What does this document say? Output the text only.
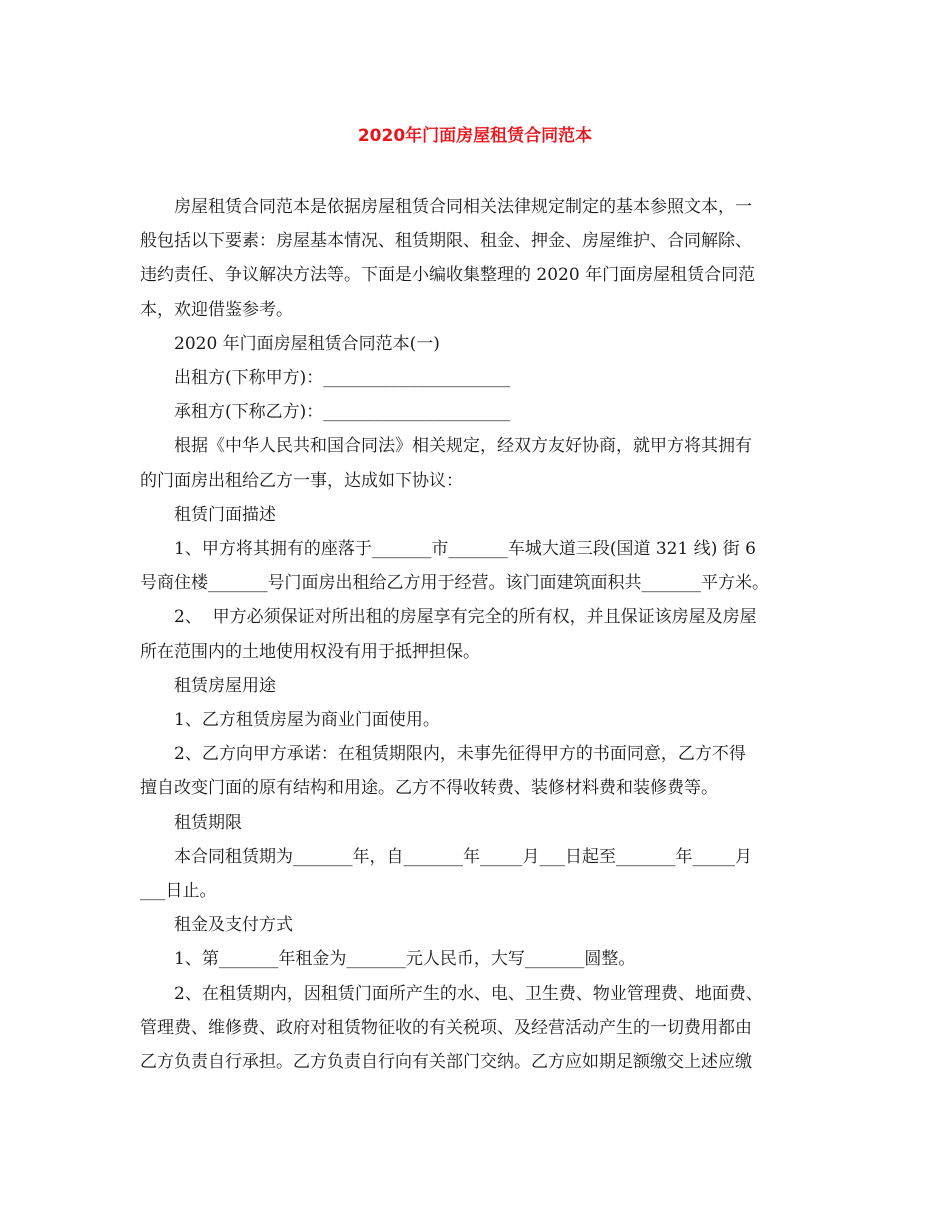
2020年门面房屋租赁合同范本

房屋租赁合同范本是依据房屋租赁合同相关法律规定制定的基本参照文本，一

般包括以下要素：房屋基本情况、租赁期限、租金、押金、房屋维护、合同解除、

违约责任、争议解决方法等。下面是小编收集整理的 2020 年门面房屋租赁合同范

本，欢迎借鉴参考。

2020 年门面房屋租赁合同范本(一)

出租方(下称甲方)：______________________

承租方(下称乙方)：______________________

根据《中华人民共和国合同法》相关规定，经双方友好协商，就甲方将其拥有

的门面房出租给乙方一事，达成如下协议：

租赁门面描述

1、甲方将其拥有的座落于_______市_______车城大道三段(国道 321 线) 街 6

号商住楼_______号门面房出租给乙方用于经营。该门面建筑面积共_______平方米。

2、  甲方必须保证对所出租的房屋享有完全的所有权，并且保证该房屋及房屋

所在范围内的土地使用权没有用于抵押担保。

租赁房屋用途

1、乙方租赁房屋为商业门面使用。

2、乙方向甲方承诺：在租赁期限内，未事先征得甲方的书面同意，乙方不得

擅自改变门面的原有结构和用途。乙方不得收转费、装修材料费和装修费等。

租赁期限

本合同租赁期为_______年，自_______年_____月___日起至_______年_____月

___日止。

租金及支付方式

1、第_______年租金为_______元人民币，大写_______圆整。

2、在租赁期内，因租赁门面所产生的水、电、卫生费、物业管理费、地面费、

管理费、维修费、政府对租赁物征收的有关税项、及经营活动产生的一切费用都由

乙方负责自行承担。乙方负责自行向有关部门交纳。乙方应如期足额缴交上述应缴
